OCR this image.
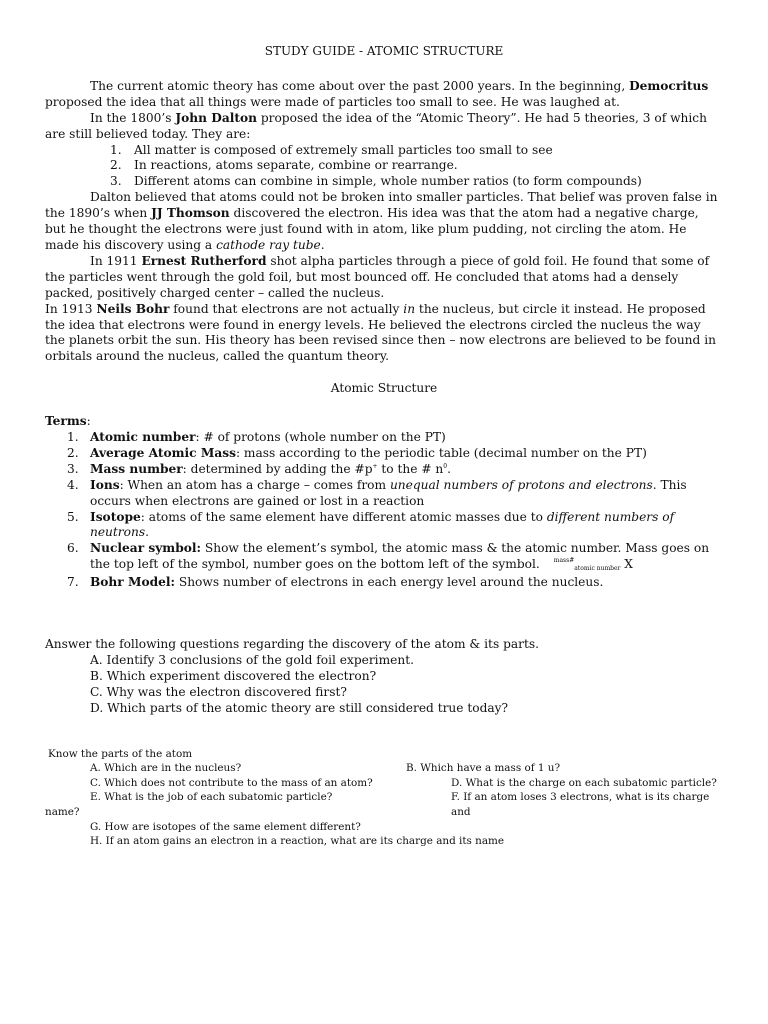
STUDY GUIDE - ATOMIC STRUCTURE

The current atomic theory has come about over the past 2000 years. In the beginning, Democritus proposed the idea that all things were made of particles too small to see. He was laughed at.

In the 1800’s John Dalton proposed the idea of the “Atomic Theory”. He had 5 theories, 3 of which are still believed today. They are:

1. All matter is composed of extremely small particles too small to see
2. In reactions, atoms separate, combine or rearrange.
3. Different atoms can combine in simple, whole number ratios (to form compounds)

Dalton believed that atoms could not be broken into smaller particles. That belief was proven false in the 1890’s when JJ Thomson discovered the electron. His idea was that the atom had a negative charge, but he thought the electrons were just found with in atom, like plum pudding, not circling the atom. He made his discovery using a cathode ray tube.

In 1911 Ernest Rutherford shot alpha particles through a piece of gold foil. He found that some of the particles went through the gold foil, but most bounced off. He concluded that atoms had a densely packed, positively charged center – called the nucleus.

In 1913 Neils Bohr found that electrons are not actually in the nucleus, but circle it instead. He proposed the idea that electrons were found in energy levels. He believed the electrons circled the nucleus the way the planets orbit the sun. His theory has been revised since then – now electrons are believed to be found in orbitals around the nucleus, called the quantum theory.

Atomic Structure
Terms:
1. Atomic number: # of protons (whole number on the PT)
2. Average Atomic Mass: mass according to the periodic table (decimal number on the PT)
3. Mass number: determined by adding the #p+ to the # $n^0$.
4. Ions: When an atom has a charge – comes from unequal numbers of protons and electrons. This occurs when electrons are gained or lost in a reaction
5. Isotope: atoms of the same element have different atomic masses due to different numbers of neutrons.
6. Nuclear symbol: Show the element’s symbol, the atomic mass & the atomic number. Mass goes on the top left of the symbol, number goes on the bottom left of the symbol. $^{mass\#}$atomic number X
7. Bohr Model: Shows number of electrons in each energy level around the nucleus.

Answer the following questions regarding the discovery of the atom & its parts.

A. Identify 3 conclusions of the gold foil experiment.
B. Which experiment discovered the electron?
C. Why was the electron discovered first?
D. Which parts of the atomic theory are still considered true today?
Know the parts of the atom
A. Which are in the nucleus?	B. Which have a mass of 1 u?
C. Which does not contribute to the mass of an atom?	D. What is the charge on each subatomic particle?
E. What is the job of each subatomic particle?	F. If an atom loses 3 electrons, what is its charge and
name?
G. How are isotopes of the same element different?
H. If an atom gains an electron in a reaction, what are its charge and its name
